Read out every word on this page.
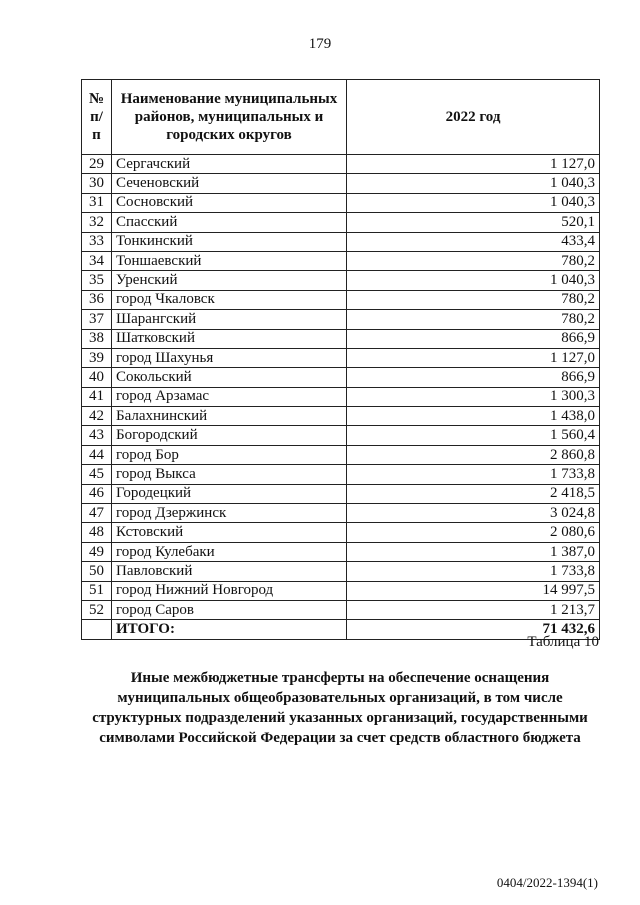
179
№ п/п	Наименование муниципальных районов, муниципальных и городских округов	2022 год
29	Сергачский	1 127,0
30	Сеченовский	1 040,3
31	Сосновский	1 040,3
32	Спасский	520,1
33	Тонкинский	433,4
34	Тоншаевский	780,2
35	Уренский	1 040,3
36	город Чкаловск	780,2
37	Шарангский	780,2
38	Шатковский	866,9
39	город Шахунья	1 127,0
40	Сокольский	866,9
41	город Арзамас	1 300,3
42	Балахнинский	1 438,0
43	Богородский	1 560,4
44	город Бор	2 860,8
45	город Выкса	1 733,8
46	Городецкий	2 418,5
47	город Дзержинск	3 024,8
48	Кстовский	2 080,6
49	город Кулебаки	1 387,0
50	Павловский	1 733,8
51	город Нижний Новгород	14 997,5
52	город Саров	1 213,7
	ИТОГО:	71 432,6
Таблица 10
Иные межбюджетные трансферты на обеспечение оснащения муниципальных общеобразовательных организаций, в том числе структурных подразделений указанных организаций, государственными символами Российской Федерации за счет средств областного бюджета
0404/2022-1394(1)
